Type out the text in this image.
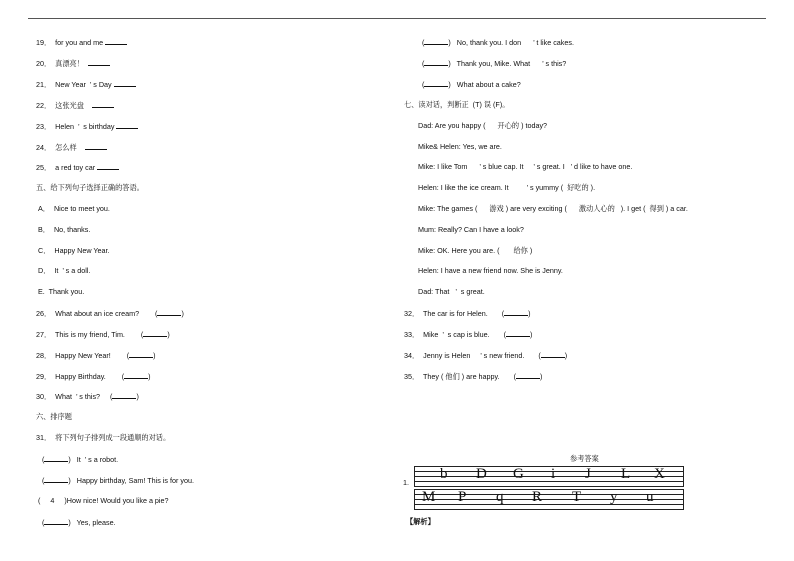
19．  for you and me
20．  真漂亮！
21．  New Year  ’ s Day
22．  这张光盘
23．  Helen  ’  s birthday
24．  怎么样
25．  a red toy car
五、给下列句子选择正确的答语。
A．  Nice to meet you.
B．  No, thanks.
C．  Happy New Year.
D．  It  ’ s a doll.
E.  Thank you.
26．  What about an ice cream?        (	)
27．  This is my friend, Tim.        (	)
28．  Happy New Year!        (	)
29．  Happy Birthday.        (	)
30．  What  ’ s this?     (	)
六、排序题
31．  将下列句子排列成一段通顺的对话。
(	)   It  ’ s a robot.
(	)   Happy birthday, Sam! This is for you.
(     4     )How nice! Would you like a pie?
(	)   Yes, please.
(	)   No, thank you. I don      ’ t like cakes.
(	)   Thank you, Mike. What      ’ s this?
(	)   What about a cake?
七、读对话，判断正  (T) 误 (F)。
Dad: Are you happy (      开心的 ) today?
Mike& Helen: Yes, we are.
Mike: I like Tom      ’ s blue cap. It     ’ s great. I   ’ d like to have one.
Helen: I like the ice cream. It         ’ s yummy (  好吃的 ).
Mike: The games (      游戏 ) are very exciting (      激动人心的   ). I get (  得到 ) a car.
Mum: Really? Can I have a look?
Mike: OK. Here you are. (       给你 )
Helen: I have a new friend now. She is Jenny.
Dad: That   ’  s great.
32．  The car is for Helen.       (	)
33．  Mike  ’  s cap is blue.       (	)
34．  Jenny is Helen     ’ s new friend.       (	)
35．  They ( 他们 ) are happy.       (	)
参考答案
1.
b D G i J L X
M P q R T y u
【解析】
